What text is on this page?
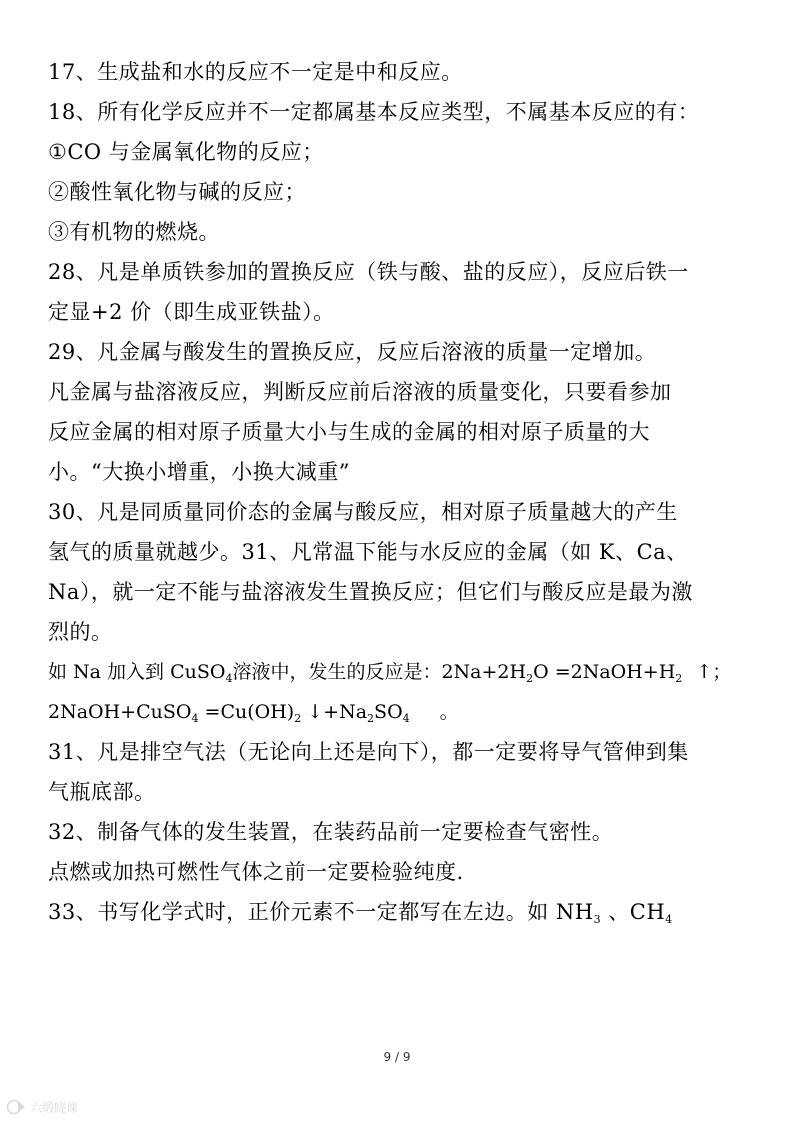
17、生成盐和水的反应不一定是中和反应。
18、所有化学反应并不一定都属基本反应类型，不属基本反应的有：
①CO 与金属氧化物的反应；
②酸性氧化物与碱的反应；
③有机物的燃烧。
28、凡是单质铁参加的置换反应（铁与酸、盐的反应），反应后铁一
定显+2 价（即生成亚铁盐）。
29、凡金属与酸发生的置换反应，反应后溶液的质量一定增加。
凡金属与盐溶液反应，判断反应前后溶液的质量变化，只要看参加
反应金属的相对原子质量大小与生成的金属的相对原子质量的大
小。“大换小增重，小换大减重”
30、凡是同质量同价态的金属与酸反应，相对原子质量越大的产生
氢气的质量就越少。31、凡常温下能与水反应的金属（如 K、Ca、
Na），就一定不能与盐溶液发生置换反应；但它们与酸反应是最为激
烈的。
如 Na 加入到 CuSO$_4$溶液中，发生的反应是：$2Na+2H_2O$ $=2NaOH+H_2$ ↑；
2NaOH+CuSO$_4$ $=Cu(OH)_2$ $↓+Na_2SO_4$ 。
31、凡是排空气法（无论向上还是向下），都一定要将导气管伸到集
气瓶底部。
32、制备气体的发生装置，在装药品前一定要检查气密性。
点燃或加热可燃性气体之前一定要检验纯度.
33、书写化学式时，正价元素不一定都写在左边。如 $NH_3$ 、$CH_4$
9 / 9
六缎晓课
